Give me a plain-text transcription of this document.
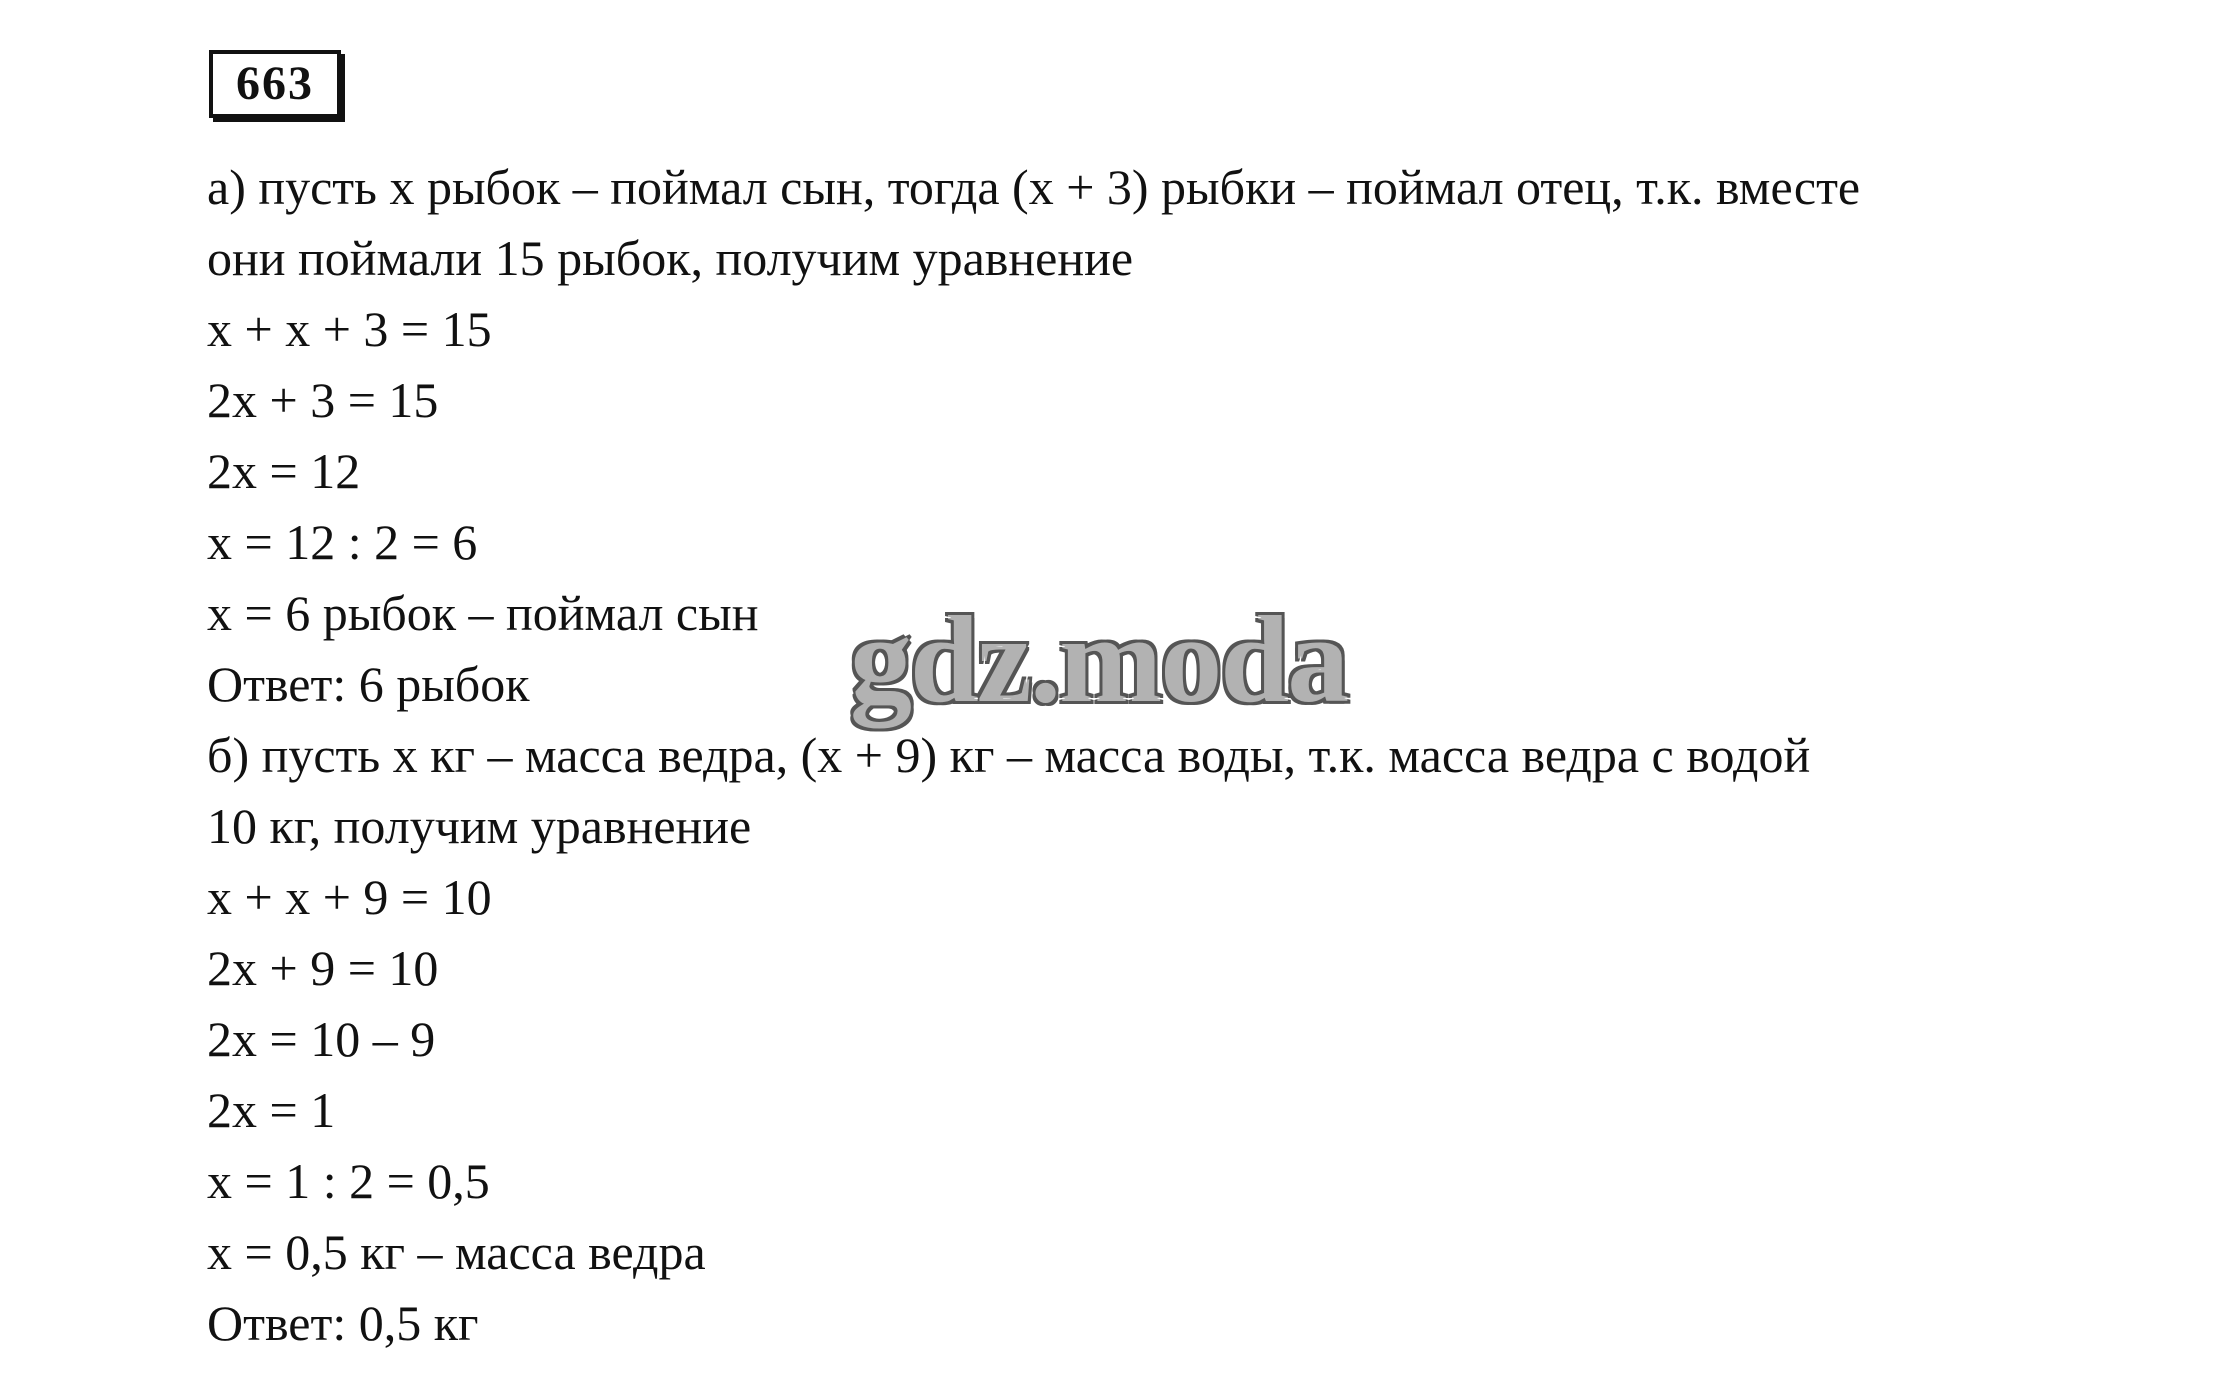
663
а) пусть х рыбок – поймал сын, тогда (х + 3) рыбки – поймал отец, т.к. вместе
они поймали 15 рыбок, получим уравнение
х + х + 3 = 15
2х + 3 = 15
2х = 12
х = 12 : 2 = 6
х = 6 рыбок – поймал сын
Ответ: 6 рыбок
б) пусть х кг – масса ведра, (х + 9) кг – масса воды, т.к. масса ведра с водой
10 кг, получим уравнение
х + х + 9 = 10
2х + 9 = 10
2х = 10 – 9
2х = 1
х = 1 : 2 = 0,5
х = 0,5 кг – масса ведра
Ответ: 0,5 кг
gdz.moda
